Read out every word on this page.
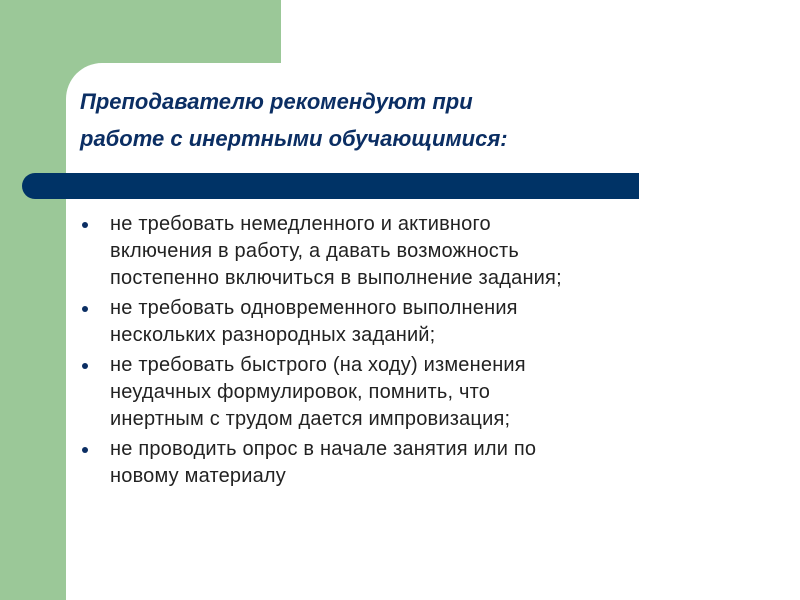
Преподавателю рекомендуют при
работе с инертными обучающимися:
не требовать немедленного и активного
включения в работу, а давать возможность
постепенно включиться в выполнение задания;
не требовать одновременного выполнения
нескольких разнородных заданий;
не требовать быстрого (на ходу) изменения
неудачных формулировок, помнить, что
инертным с трудом дается импровизация;
не проводить опрос в начале занятия или по
новому материалу
